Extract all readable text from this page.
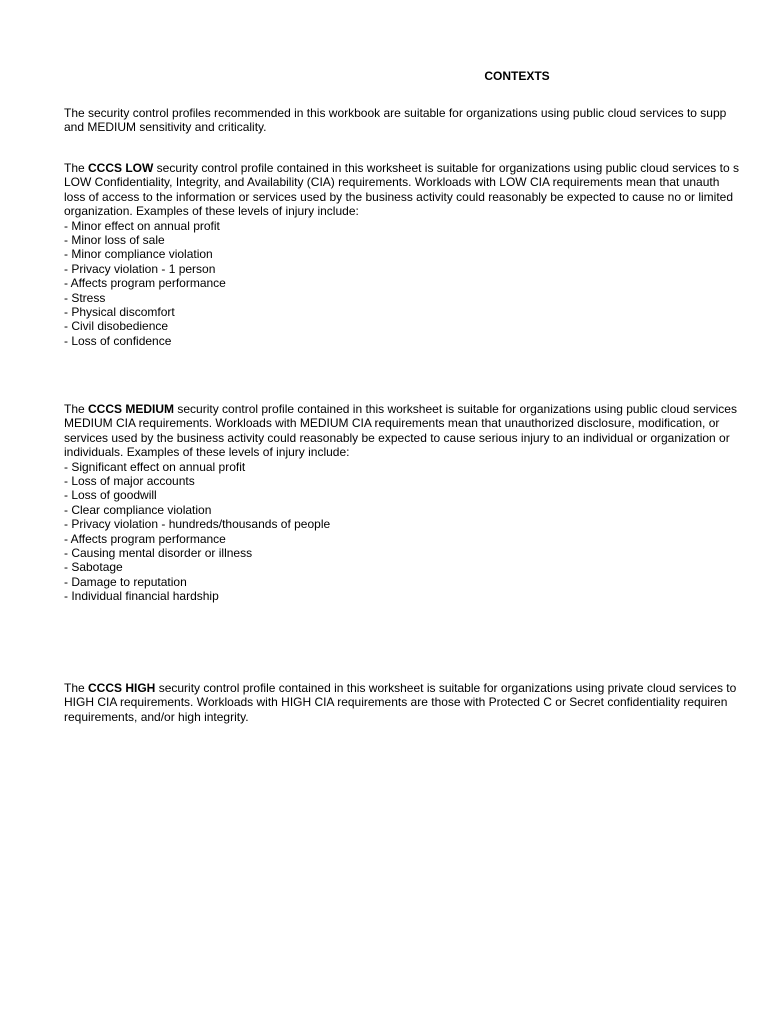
CONTEXTS
The security control profiles recommended in this workbook are suitable for organizations using public cloud services to supp
and MEDIUM sensitivity and criticality.
The CCCS LOW security control profile contained in this worksheet is suitable for organizations using public cloud services to s
LOW Confidentiality, Integrity, and Availability (CIA) requirements. Workloads with LOW CIA requirements mean that unauth
loss of access to the information or services used by the business activity could reasonably be expected to cause no or limited
organization. Examples of these levels of injury include:
- Minor effect on annual profit
- Minor loss of sale
- Minor compliance violation
- Privacy violation - 1 person
- Affects program performance
- Stress
- Physical discomfort
- Civil disobedience
- Loss of confidence
The CCCS MEDIUM security control profile contained in this worksheet is suitable for organizations using public cloud services
MEDIUM CIA requirements. Workloads with MEDIUM CIA requirements mean that unauthorized disclosure, modification, or
services used by the business activity could reasonably be expected to cause serious injury to an individual or organization or
individuals. Examples of these levels of injury include:
- Significant effect on annual profit
- Loss of major accounts
- Loss of goodwill
- Clear compliance violation
- Privacy violation - hundreds/thousands of people
- Affects program performance
- Causing mental disorder or illness
- Sabotage
- Damage to reputation
- Individual financial hardship
The CCCS HIGH security control profile contained in this worksheet is suitable for organizations using private cloud services to
HIGH CIA requirements. Workloads with HIGH CIA requirements are those with Protected C or Secret confidentiality requiren
requirements, and/or high integrity.
